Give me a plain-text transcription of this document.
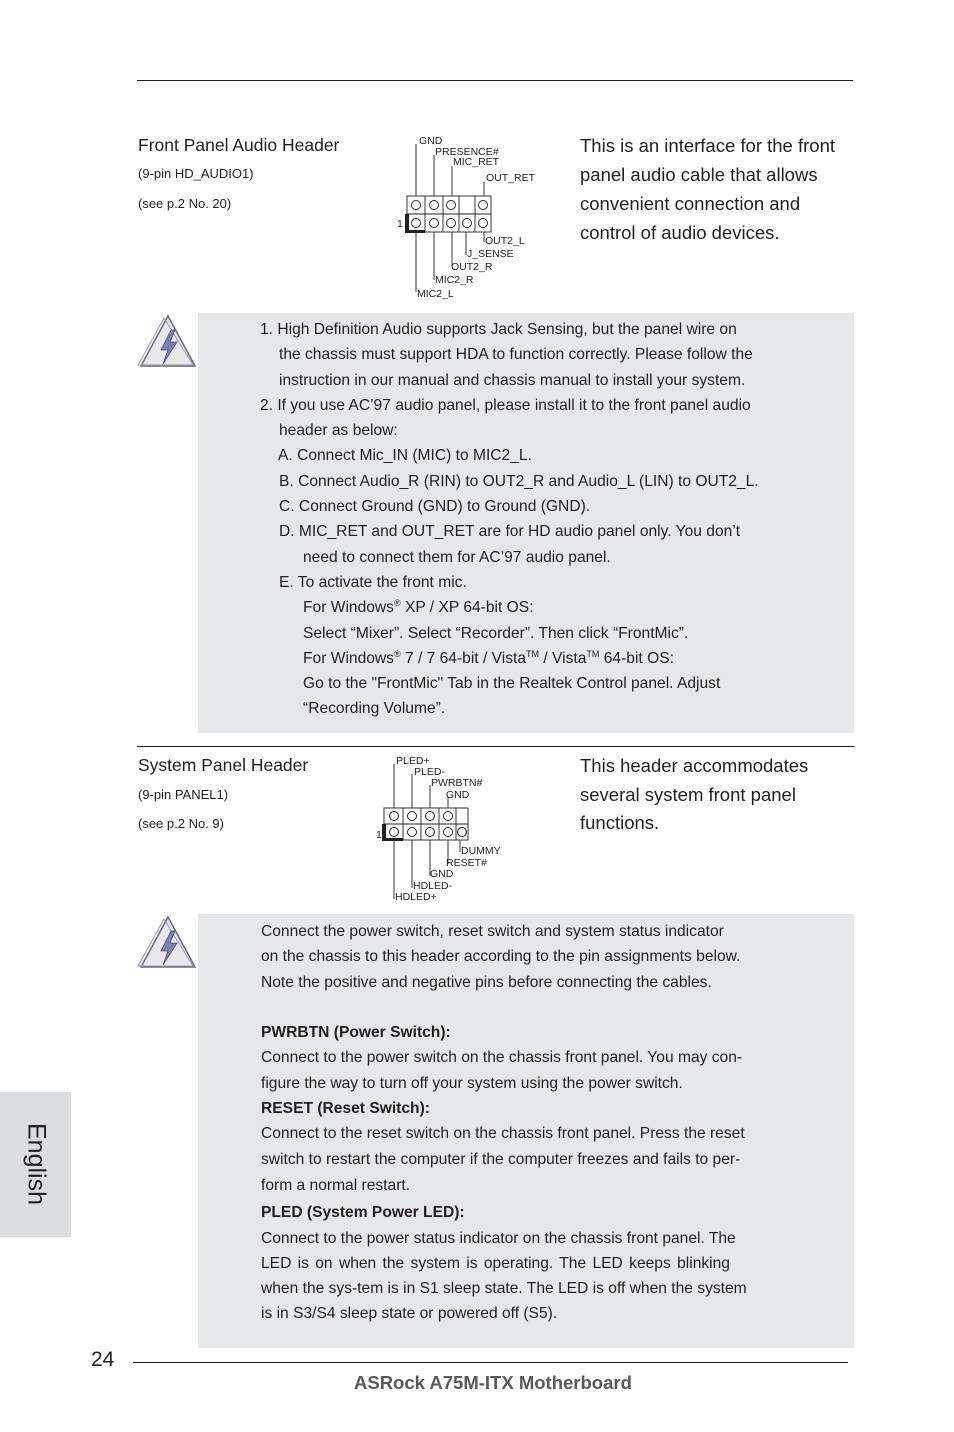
Front Panel Audio Header
(9-pin HD_AUDIO1)
(see p.2 No. 20)
This is an interface for the front
panel audio cable that allows
convenient connection and
control of audio devices.
GND
PRESENCE#
MIC_RET
OUT_RET
OUT2_L
J_SENSE
OUT2_R
MIC2_R
MIC2_L
1
1. High Definition Audio supports Jack Sensing, but the panel wire on
the chassis must support HDA to function correctly. Please follow the
instruction in our manual and chassis manual to install your system.
2. If you use AC’97 audio panel, please install it to the front panel audio
header as below:
A. Connect Mic_IN (MIC) to MIC2_L.
B. Connect Audio_R (RIN) to OUT2_R and Audio_L (LIN) to OUT2_L.
C. Connect Ground (GND) to Ground (GND).
D. MIC_RET and OUT_RET are for HD audio panel only. You don’t
need to connect them for AC’97 audio panel.
E. To activate the front mic.
For Windows® XP / XP 64-bit OS:
Select “Mixer”. Select “Recorder”. Then click “FrontMic”.
For Windows® 7 / 7 64-bit / Vista™ / Vista™ 64-bit OS:
Go to the "FrontMic" Tab in the Realtek Control panel. Adjust
“Recording Volume”.
System Panel Header
(9-pin PANEL1)
(see p.2 No. 9)
This header accommodates
several system front panel
functions.
PLED+
PLED-
PWRBTN#
GND
DUMMY
RESET#
GND
HDLED-
HDLED+
1
Connect the power switch, reset switch and system status indicator
on the chassis to this header according to the pin assignments below.
Note the positive and negative pins before connecting the cables.

PWRBTN (Power Switch):
Connect to the power switch on the chassis front panel. You may con-
figure the way to turn off your system using the power switch.
RESET (Reset Switch):
Connect to the reset switch on the chassis front panel. Press the reset
switch to restart the computer if the computer freezes and fails to per-
form a normal restart.
PLED (System Power LED):
Connect to the power status indicator on the chassis front panel. The
LED is on when the system is operating. The LED keeps blinking
when the sys-tem is in S1 sleep state. The LED is off when the system
is in S3/S4 sleep state or powered off (S5).
English
24
ASRock A75M-ITX Motherboard
